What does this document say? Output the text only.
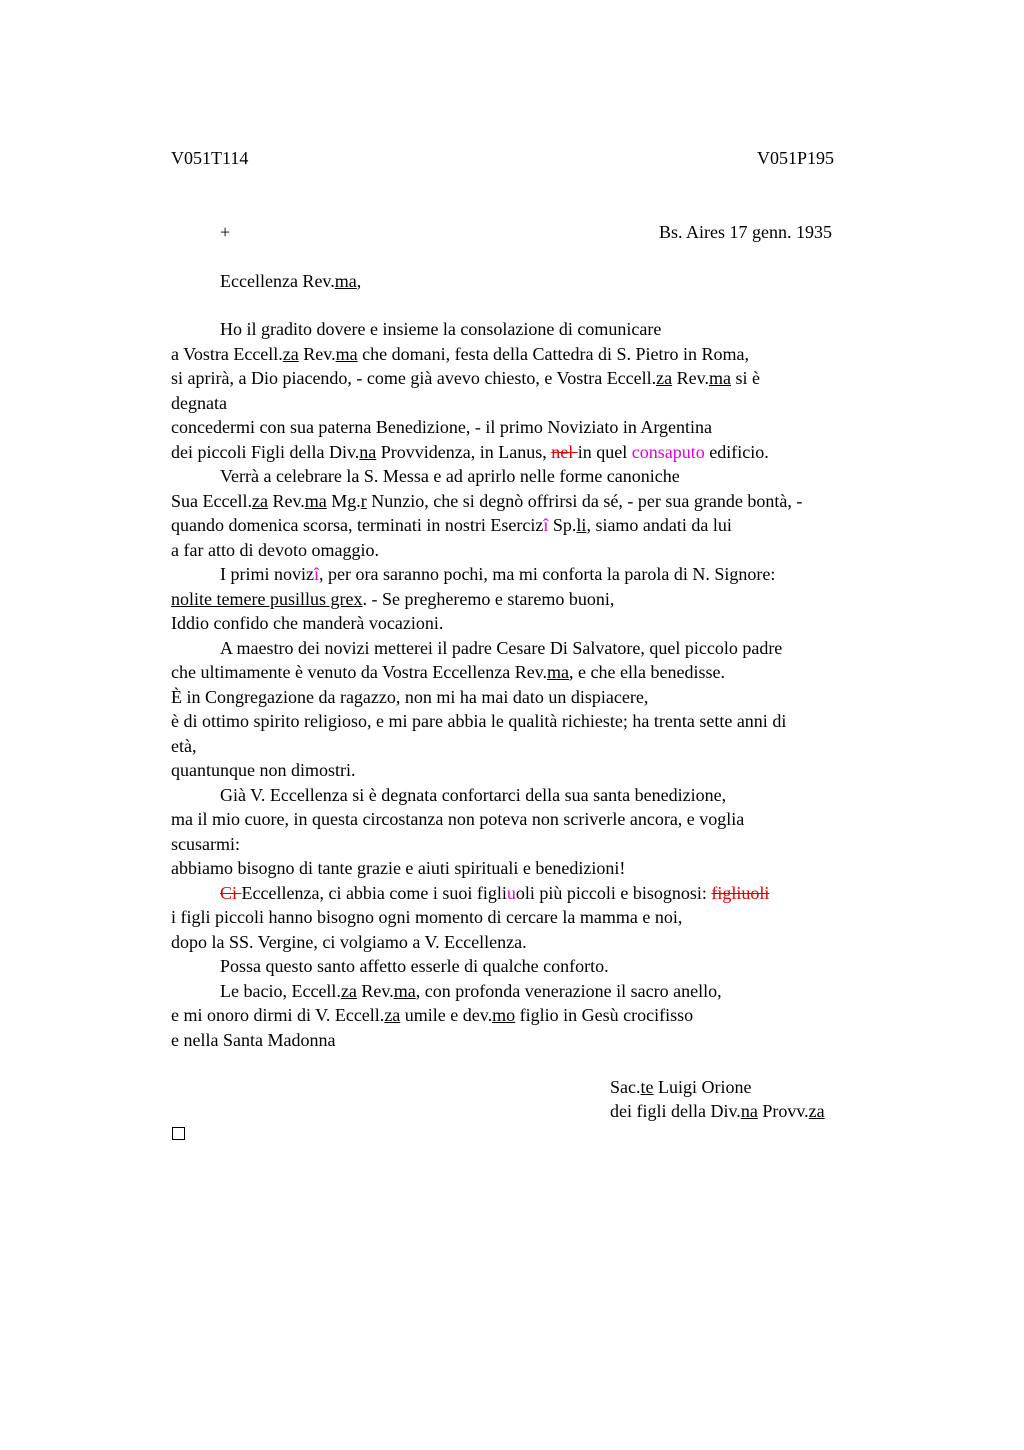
V051T114	V051P195
+	Bs. Aires 17 genn. 1935
Eccellenza Rev.ma,
Ho il gradito dovere e insieme la consolazione di comunicare
a Vostra Eccell.za Rev.ma che domani, festa della Cattedra di S. Pietro in Roma,
si aprirà, a Dio piacendo, - come già avevo chiesto, e Vostra Eccell.za Rev.ma si è
degnata
concedermi con sua paterna Benedizione, - il primo Noviziato in Argentina
dei piccoli Figli della Div.na Provvidenza, in Lanus, nel in quel consaputo edificio.
Verrà a celebrare la S. Messa e ad aprirlo nelle forme canoniche
Sua Eccell.za Rev.ma Mg.r Nunzio, che si degnò offrirsi da sé, - per sua grande bontà, -
quando domenica scorsa, terminati in nostri Esercizî Sp.li, siamo andati da lui
a far atto di devoto omaggio.
I primi novizî, per ora saranno pochi, ma mi conforta la parola di N. Signore:
nolite temere pusillus grex. - Se pregheremo e staremo buoni,
Iddio confido che manderà vocazioni.
A maestro dei novizi metterei il padre Cesare Di Salvatore, quel piccolo padre
che ultimamente è venuto da Vostra Eccellenza Rev.ma, e che ella benedisse.
È in Congregazione da ragazzo, non mi ha mai dato un dispiacere,
è di ottimo spirito religioso, e mi pare abbia le qualità richieste; ha trenta sette anni di
età,
quantunque non dimostri.
Già V. Eccellenza si è degnata confortarci della sua santa benedizione,
ma il mio cuore, in questa circostanza non poteva non scriverle ancora, e voglia
scusarmi:
abbiamo bisogno di tante grazie e aiuti spirituali e benedizioni!
Ci Eccellenza, ci abbia come i suoi figliuoli più piccoli e bisognosi: figliuoli
i figli piccoli hanno bisogno ogni momento di cercare la mamma e noi,
dopo la SS. Vergine, ci volgiamo a V. Eccellenza.
Possa questo santo affetto esserle di qualche conforto.
Le bacio, Eccell.za Rev.ma, con profonda venerazione il sacro anello,
e mi onoro dirmi di V. Eccell.za umile e dev.mo figlio in Gesù crocifisso
e nella Santa Madonna
Sac.te Luigi Orione
dei figli della Div.na Provv.za
